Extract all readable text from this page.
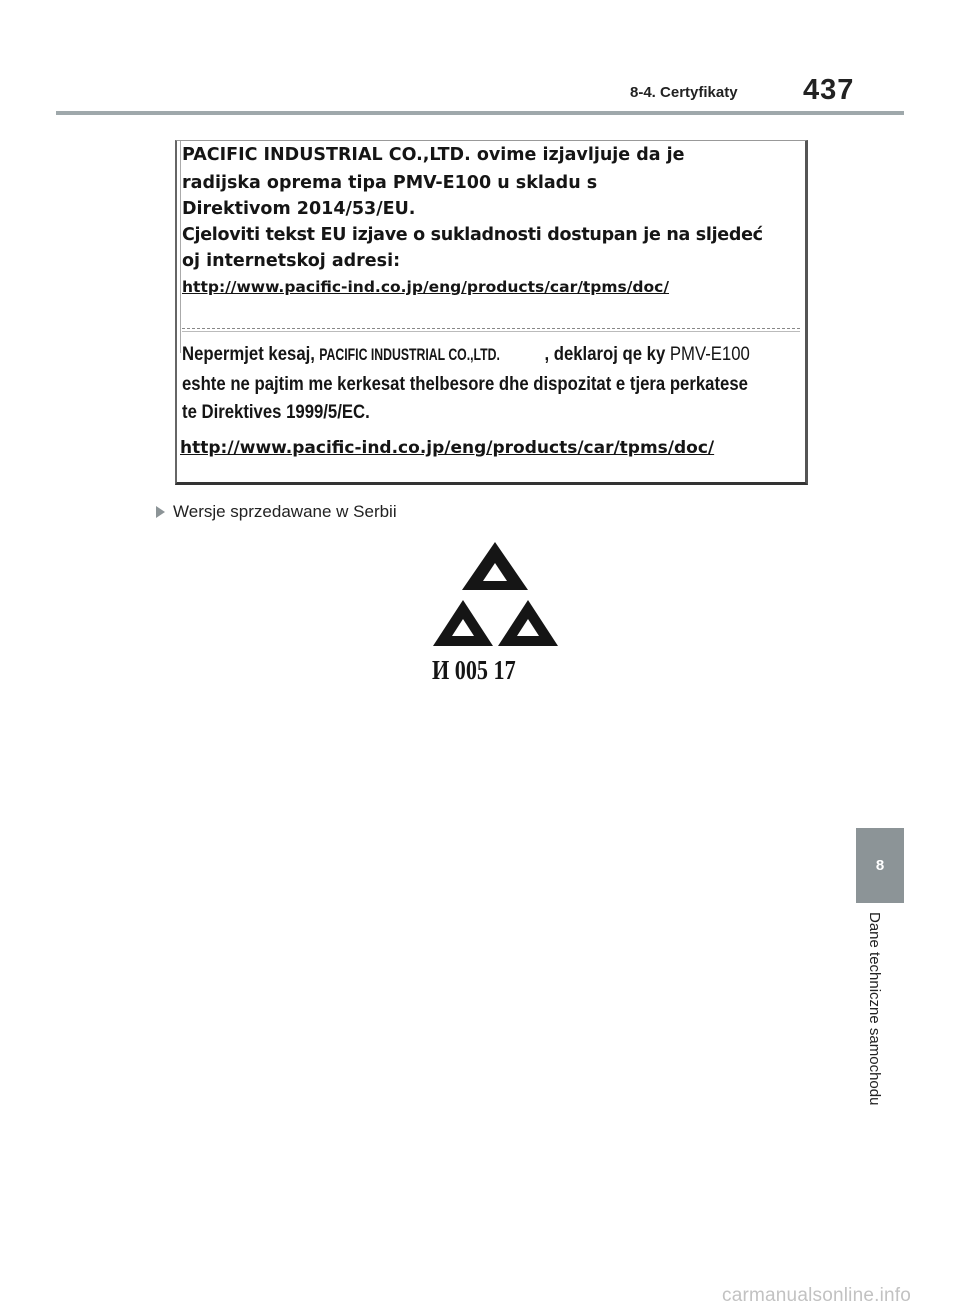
8-4. Certyfikaty 437

PACIFIC INDUSTRIAL CO.,LTD. ovime izjavljuje da je

radijska oprema tipa PMV-E100 u skladu s

Direktivom 2014/53/EU.

Cjeloviti tekst EU izjave o sukladnosti dostupan je na sljedeć

oj internetskoj adresi:

http://www.pacific-ind.co.jp/eng/products/car/tpms/doc/

Nepermjet kesaj, PACIFIC INDUSTRIAL CO.,LTD. , deklaroj qe ky PMV-E100

eshte ne pajtim me kerkesat thelbesore dhe dispozitat e tjera perkatese

te Direktives 1999/5/EC.

http://www.pacific-ind.co.jp/eng/products/car/tpms/doc/

Wersje sprzedawane w Serbii

И 005 17

8
Dane techniczne samochodu
carmanualsonline.info
